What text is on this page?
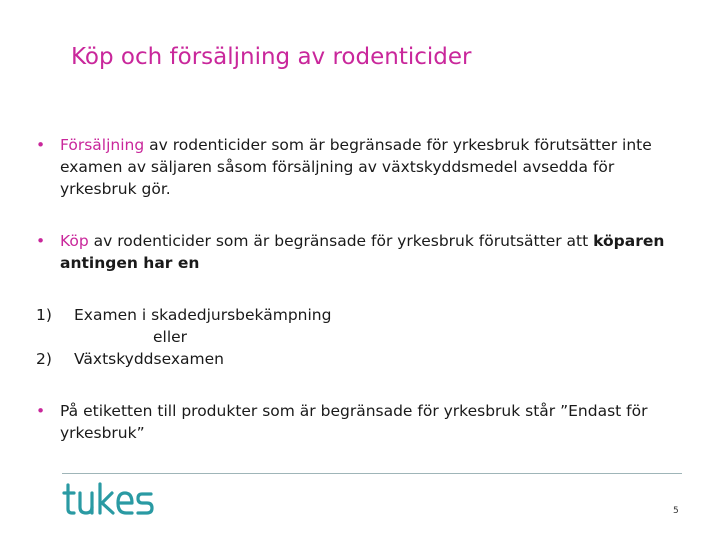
Köp och försäljning av rodenticider

• Försäljning av rodenticider som är begränsade för yrkesbruk förutsätter inte examen av säljaren såsom försäljning av växtskyddsmedel avsedda för yrkesbruk gör.

• Köp av rodenticider som är begränsade för yrkesbruk förutsätter att köparen antingen har en

1) Examen i skadedjursbekämpning
eller
2) Växtskyddsexamen

• På etiketten till produkter som är begränsade för yrkesbruk står ”Endast för yrkesbruk”

5
